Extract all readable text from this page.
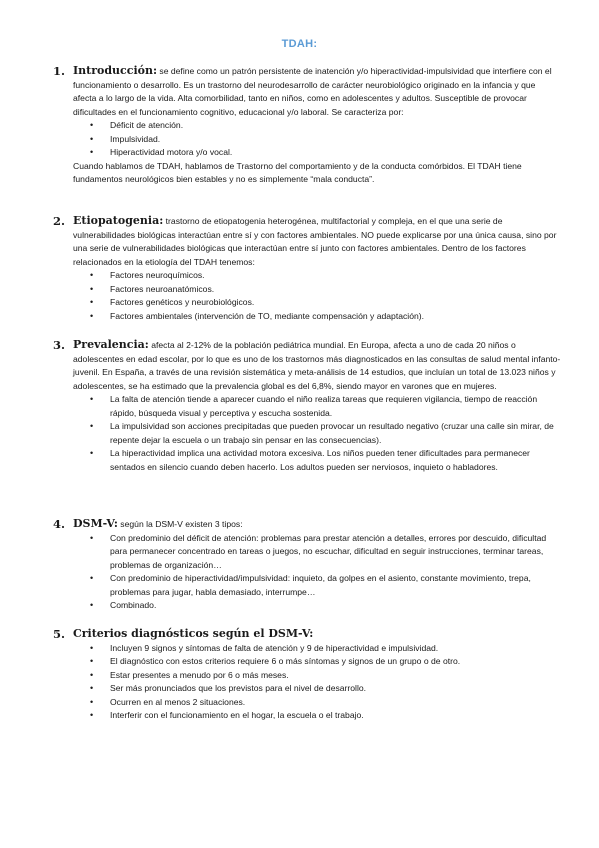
TDAH:
1. Introducción: se define como un patrón persistente de inatención y/o hiperactividad-impulsividad que interfiere con el funcionamiento o desarrollo. Es un trastorno del neurodesarrollo de carácter neurobiológico originado en la infancia y que afecta a lo largo de la vida. Alta comorbilidad, tanto en niños, como en adolescentes y adultos. Susceptible de provocar dificultades en el funcionamiento cognitivo, educacional y/o laboral. Se caracteriza por:

• Déficit de atención.
• Impulsividad.
• Hiperactividad motora y/o vocal.

Cuando hablamos de TDAH, hablamos de Trastorno del comportamiento y de la conducta comórbidos. El TDAH tiene fundamentos neurológicos bien estables y no es simplemente “mala conducta”.

2. Etiopatogenia: trastorno de etiopatogenia heterogénea, multifactorial y compleja, en el que una serie de vulnerabilidades biológicas interactúan entre sí y con factores ambientales. NO puede explicarse por una única causa, sino por una serie de vulnerabilidades biológicas que interactúan entre sí junto con factores ambientales. Dentro de los factores relacionados en la etiología del TDAH tenemos:

• Factores neuroquímicos.
• Factores neuroanatómicos.
• Factores genéticos y neurobiológicos.
• Factores ambientales (intervención de TO, mediante compensación y adaptación).
3. Prevalencia: afecta al 2-12% de la población pediátrica mundial. En Europa, afecta a uno de cada 20 niños o adolescentes en edad escolar, por lo que es uno de los trastornos más diagnosticados en las consultas de salud mental infanto-juvenil. En España, a través de una revisión sistemática y meta-análisis de 14 estudios, que incluían un total de 13.023 niños y adolescentes, se ha estimado que la prevalencia global es del 6,8%, siendo mayor en varones que en mujeres.

• La falta de atención tiende a aparecer cuando el niño realiza tareas que requieren vigilancia, tiempo de reacción rápido, búsqueda visual y perceptiva y escucha sostenida.
• La impulsividad son acciones precipitadas que pueden provocar un resultado negativo (cruzar una calle sin mirar, de repente dejar la escuela o un trabajo sin pensar en las consecuencias).
• La hiperactividad implica una actividad motora excesiva. Los niños pueden tener dificultades para permanecer sentados en silencio cuando deben hacerlo. Los adultos pueden ser nerviosos, inquieto o habladores.
4. DSM-V: según la DSM-V existen 3 tipos:

• Con predominio del déficit de atención: problemas para prestar atención a detalles, errores por descuido, dificultad para permanecer concentrado en tareas o juegos, no escuchar, dificultad en seguir instrucciones, terminar tareas, problemas de organización…
• Con predominio de hiperactividad/impulsividad: inquieto, da golpes en el asiento, constante movimiento, trepa, problemas para jugar, habla demasiado, interrumpe…
• Combinado.
5. Criterios diagnósticos según el DSM-V:

• Incluyen 9 signos y síntomas de falta de atención y 9 de hiperactividad e impulsividad.
• El diagnóstico con estos criterios requiere 6 o más síntomas y signos de un grupo o de otro.
• Estar presentes a menudo por 6 o más meses.
• Ser más pronunciados que los previstos para el nivel de desarrollo.
• Ocurren en al menos 2 situaciones.
• Interferir con el funcionamiento en el hogar, la escuela o el trabajo.
